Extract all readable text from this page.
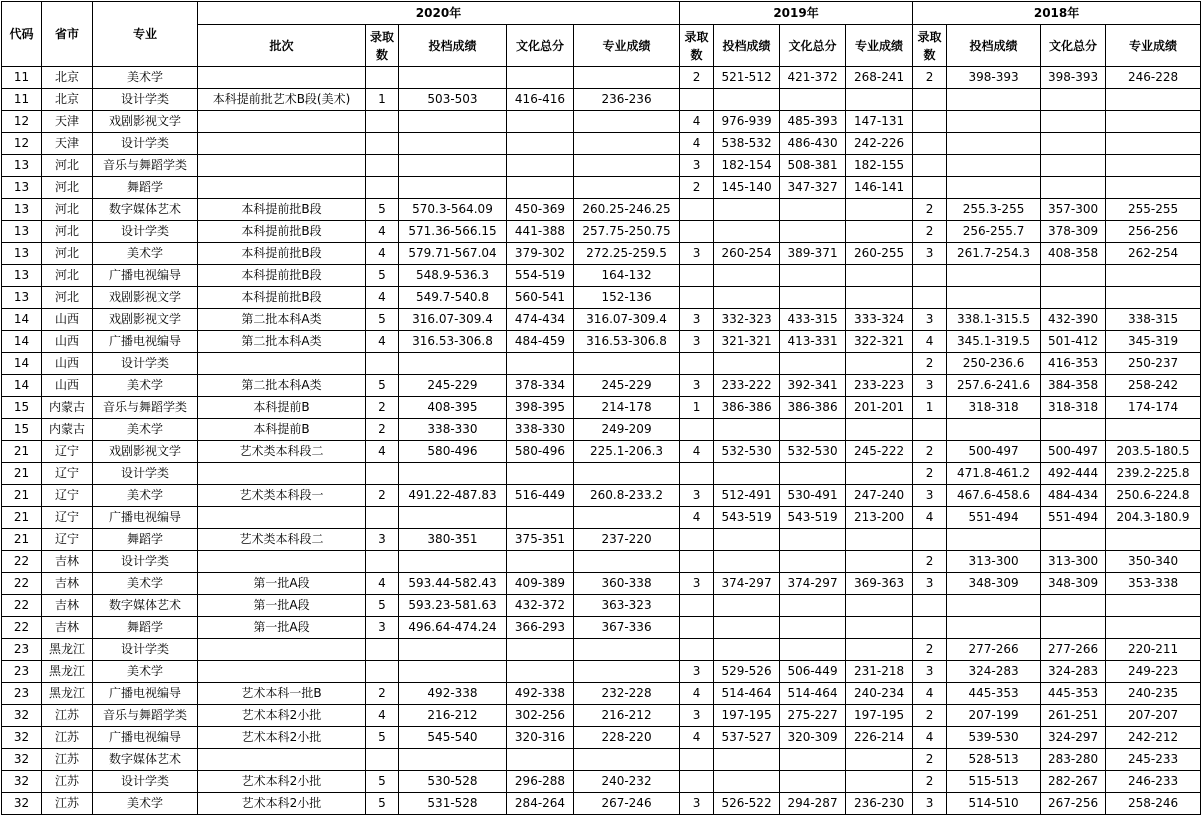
代码	省市	专业	2020年					2019年				2018年			
			批次	录取数	投档成绩	文化总分	专业成绩	录取数	投档成绩	文化总分	专业成绩	录取数	投档成绩	文化总分	专业成绩
11	北京	美术学						2	521-512	421-372	268-241	2	398-393	398-393	246-228
11	北京	设计学类	本科提前批艺术B段(美术)	1	503-503	416-416	236-236								
12	天津	戏剧影视文学						4	976-939	485-393	147-131				
12	天津	设计学类						4	538-532	486-430	242-226				
13	河北	音乐与舞蹈学类						3	182-154	508-381	182-155				
13	河北	舞蹈学						2	145-140	347-327	146-141				
13	河北	数字媒体艺术	本科提前批B段	5	570.3-564.09	450-369	260.25-246.25					2	255.3-255	357-300	255-255
13	河北	设计学类	本科提前批B段	4	571.36-566.15	441-388	257.75-250.75					2	256-255.7	378-309	256-256
13	河北	美术学	本科提前批B段	4	579.71-567.04	379-302	272.25-259.5	3	260-254	389-371	260-255	3	261.7-254.3	408-358	262-254
13	河北	广播电视编导	本科提前批B段	5	548.9-536.3	554-519	164-132								
13	河北	戏剧影视文学	本科提前批B段	4	549.7-540.8	560-541	152-136								
14	山西	戏剧影视文学	第二批本科A类	5	316.07-309.4	474-434	316.07-309.4	3	332-323	433-315	333-324	3	338.1-315.5	432-390	338-315
14	山西	广播电视编导	第二批本科A类	4	316.53-306.8	484-459	316.53-306.8	3	321-321	413-331	322-321	4	345.1-319.5	501-412	345-319
14	山西	设计学类										2	250-236.6	416-353	250-237
14	山西	美术学	第二批本科A类	5	245-229	378-334	245-229	3	233-222	392-341	233-223	3	257.6-241.6	384-358	258-242
15	内蒙古	音乐与舞蹈学类	本科提前B	2	408-395	398-395	214-178	1	386-386	386-386	201-201	1	318-318	318-318	174-174
15	内蒙古	美术学	本科提前B	2	338-330	338-330	249-209								
21	辽宁	戏剧影视文学	艺术类本科段二	4	580-496	580-496	225.1-206.3	4	532-530	532-530	245-222	2	500-497	500-497	203.5-180.5
21	辽宁	设计学类										2	471.8-461.2	492-444	239.2-225.8
21	辽宁	美术学	艺术类本科段一	2	491.22-487.83	516-449	260.8-233.2	3	512-491	530-491	247-240	3	467.6-458.6	484-434	250.6-224.8
21	辽宁	广播电视编导						4	543-519	543-519	213-200	4	551-494	551-494	204.3-180.9
21	辽宁	舞蹈学	艺术类本科段二	3	380-351	375-351	237-220								
22	吉林	设计学类										2	313-300	313-300	350-340
22	吉林	美术学	第一批A段	4	593.44-582.43	409-389	360-338	3	374-297	374-297	369-363	3	348-309	348-309	353-338
22	吉林	数字媒体艺术	第一批A段	5	593.23-581.63	432-372	363-323								
22	吉林	舞蹈学	第一批A段	3	496.64-474.24	366-293	367-336								
23	黑龙江	设计学类										2	277-266	277-266	220-211
23	黑龙江	美术学						3	529-526	506-449	231-218	3	324-283	324-283	249-223
23	黑龙江	广播电视编导	艺术本科一批B	2	492-338	492-338	232-228	4	514-464	514-464	240-234	4	445-353	445-353	240-235
32	江苏	音乐与舞蹈学类	艺术本科2小批	4	216-212	302-256	216-212	3	197-195	275-227	197-195	2	207-199	261-251	207-207
32	江苏	广播电视编导	艺术本科2小批	5	545-540	320-316	228-220	4	537-527	320-309	226-214	4	539-530	324-297	242-212
32	江苏	数字媒体艺术										2	528-513	283-280	245-233
32	江苏	设计学类	艺术本科2小批	5	530-528	296-288	240-232					2	515-513	282-267	246-233
32	江苏	美术学	艺术本科2小批	5	531-528	284-264	267-246	3	526-522	294-287	236-230	3	514-510	267-256	258-246
